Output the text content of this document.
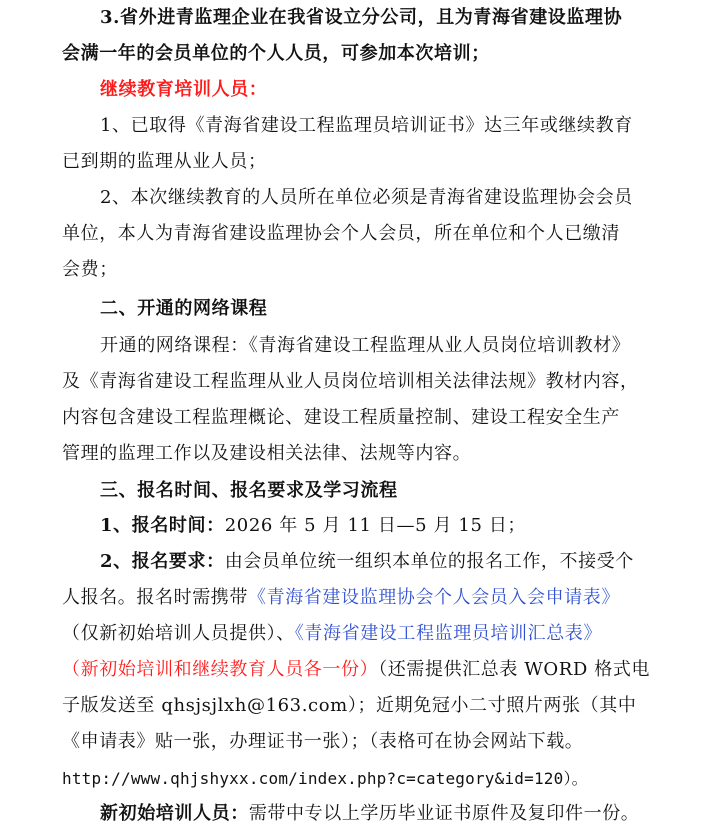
3.省外进青监理企业在我省设立分公司，且为青海省建设监理协
会满一年的会员单位的个人人员，可参加本次培训；
继续教育培训人员：
1、已取得《青海省建设工程监理员培训证书》达三年或继续教育
已到期的监理从业人员；
2、本次继续教育的人员所在单位必须是青海省建设监理协会会员
单位，本人为青海省建设监理协会个人会员，所在单位和个人已缴清
会费；
二、开通的网络课程
开通的网络课程：《青海省建设工程监理从业人员岗位培训教材》
及《青海省建设工程监理从业人员岗位培训相关法律法规》教材内容，
内容包含建设工程监理概论、建设工程质量控制、建设工程安全生产
管理的监理工作以及建设相关法律、法规等内容。
三、报名时间、报名要求及学习流程
1、报名时间：2026 年 5 月 11 日—5 月 15 日；
2、报名要求：由会员单位统一组织本单位的报名工作，不接受个
人报名。报名时需携带《青海省建设监理协会个人会员入会申请表》
（仅新初始培训人员提供）、《青海省建设工程监理员培训汇总表》
（新初始培训和继续教育人员各一份）（还需提供汇总表 WORD 格式电
子版发送至 qhsjsjlxh@163.com）；近期免冠小二寸照片两张（其中
《申请表》贴一张，办理证书一张）；（表格可在协会网站下载。
http://www.qhjshyxx.com/index.php?c=category&id=120）。
新初始培训人员：需带中专以上学历毕业证书原件及复印件一份。
